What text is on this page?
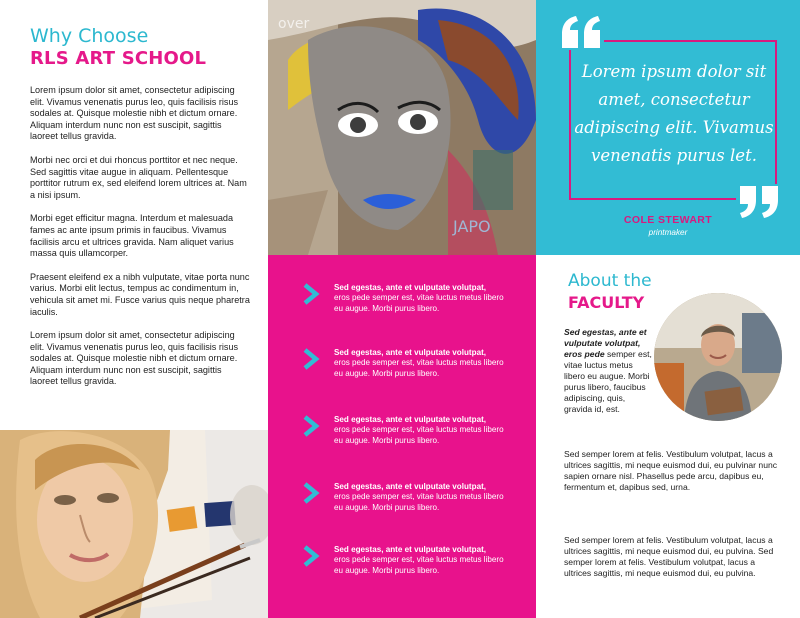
Why Choose
RLS ART SCHOOL

Lorem ipsum dolor sit amet, consectetur adipiscing elit. Vivamus venenatis purus leo, quis facilisis risus sodales at. Quisque molestie nibh et dictum ornare. Aliquam interdum nunc non est suscipit, sagittis laoreet tellus gravida.

Morbi nec orci et dui rhoncus porttitor et nec neque. Sed sagittis vitae augue in aliquam. Pellentesque porttitor rutrum ex, sed eleifend lorem ultrices at. Nam a nisi ipsum.

Morbi eget efficitur magna. Interdum et malesuada fames ac ante ipsum primis in faucibus. Vivamus facilisis arcu et ultrices gravida. Nam aliquet varius massa quis ullamcorper.

Praesent eleifend ex a nibh vulputate, vitae porta nunc varius. Morbi elit lectus, tempus ac condimentum in, vehicula sit amet mi. Fusce varius quis neque pharetra iaculis.

Lorem ipsum dolor sit amet, consectetur adipiscing elit. Vivamus venenatis purus leo, quis facilisis risus sodales at. Quisque molestie nibh et dictum ornare. Aliquam interdum nunc non est suscipit, sagittis laoreet tellus gravida.

over
JAPO
Sed egestas, ante et vulputate volutpat,
eros pede semper est, vitae luctus metus libero eu augue. Morbi purus libero.
Sed egestas, ante et vulputate volutpat,
eros pede semper est, vitae luctus metus libero eu augue. Morbi purus libero.
Sed egestas, ante et vulputate volutpat,
eros pede semper est, vitae luctus metus libero eu augue. Morbi purus libero.
Sed egestas, ante et vulputate volutpat,
eros pede semper est, vitae luctus metus libero eu augue. Morbi purus libero.
Sed egestas, ante et vulputate volutpat,
eros pede semper est, vitae luctus metus libero eu augue. Morbi purus libero.
Lorem ipsum dolor sit amet, consectetur adipiscing elit. Vivamus venenatis purus let.
COLE STEWART
printmaker
About the
FACULTY
Sed egestas, ante et vulputate volutpat, eros pede semper est, vitae luctus metus libero eu augue. Morbi purus libero, faucibus adipiscing, quis, gravida id, est.
Sed semper lorem at felis. Vestibulum volutpat, lacus a ultrices sagittis, mi neque euismod dui, eu pulvinar nunc sapien ornare nisl. Phasellus pede arcu, dapibus eu, fermentum et, dapibus sed, urna.
Sed semper lorem at felis. Vestibulum volutpat, lacus a ultrices sagittis, mi neque euismod dui, eu pulvina. Sed semper lorem at felis. Vestibulum volutpat, lacus a ultrices sagittis, mi neque euismod dui, eu pulvina.
